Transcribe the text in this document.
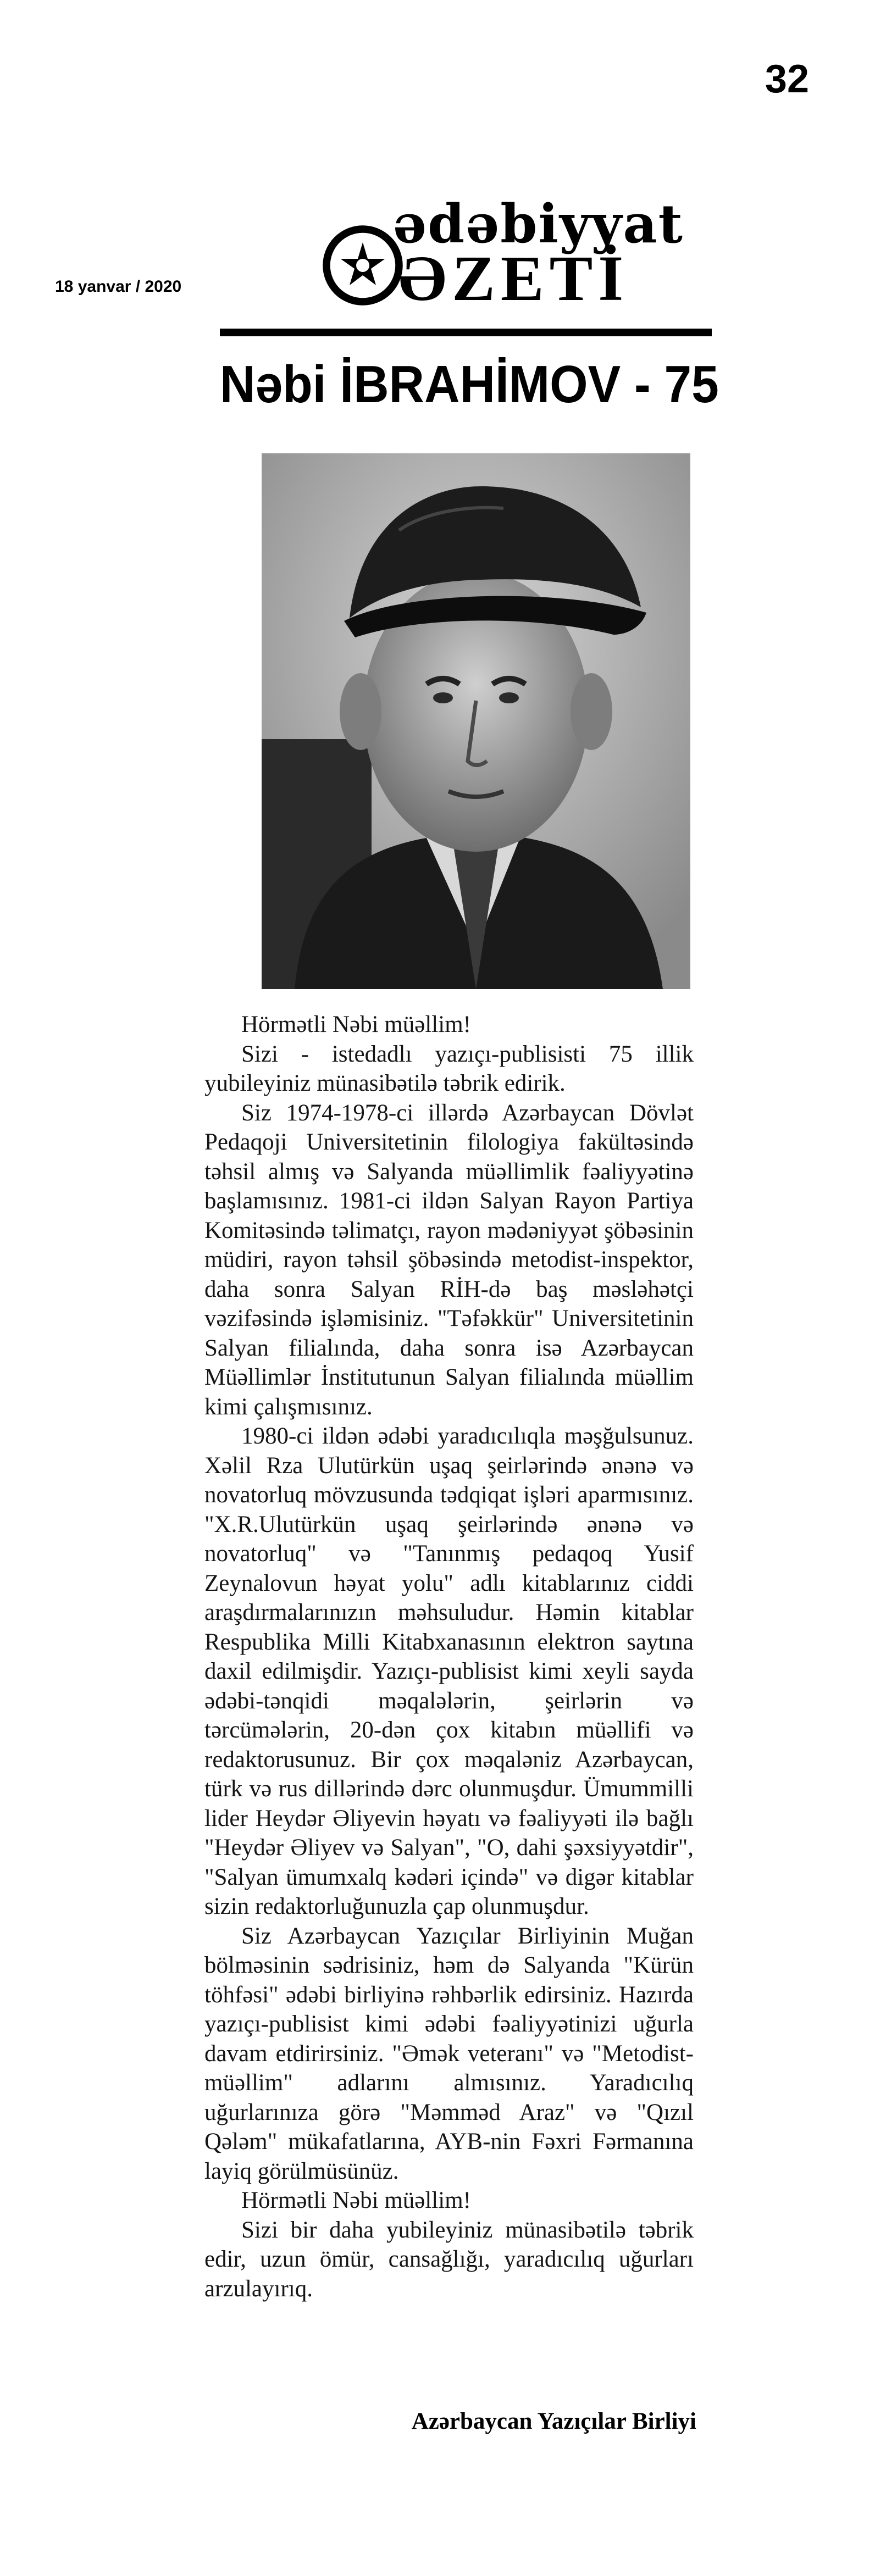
32
18 yanvar / 2020
ədəbiyyat
ƏZETİ
Nəbi İBRAHİMOV - 75

Hörmətli Nəbi müəllim!

Sizi - istedadlı yazıçı-publisisti 75 illik yubileyiniz münasibətilə təbrik edirik.

Siz 1974-1978-ci illərdə Azərbaycan Dövlət Pedaqoji Universitetinin filologiya fakültəsində təhsil almış və Salyanda müəllimlik fəaliyyətinə başlamısınız. 1981-ci ildən Salyan Rayon Partiya Komitəsində təlimatçı, rayon mədəniyyət şöbəsinin müdiri, rayon təhsil şöbəsində metodist-inspektor, daha sonra Salyan RİH-də baş məsləhətçi vəzifəsində işləmisiniz. "Təfəkkür" Universitetinin Salyan filialında, daha sonra isə Azərbaycan Müəllimlər İnstitutunun Salyan filialında müəllim kimi çalışmısınız.

1980-ci ildən ədəbi yaradıcılıqla məşğulsunuz. Xəlil Rza Ulutürkün uşaq şeirlərində ənənə və novatorluq mövzusunda tədqiqat işləri aparmısınız. "X.R.Ulutürkün uşaq şeirlərində ənənə və novatorluq" və "Tanınmış pedaqoq Yusif Zeynalovun həyat yolu" adlı kitablarınız ciddi araşdırmalarınızın məhsuludur. Həmin kitablar Respublika Milli Kitabxanasının elektron saytına daxil edilmişdir. Yazıçı-publisist kimi xeyli sayda ədəbi-tənqidi məqalələrin, şeirlərin və tərcümələrin, 20-dən çox kitabın müəllifi və redaktorusunuz. Bir çox məqaləniz Azərbaycan, türk və rus dillərində dərc olunmuşdur. Ümummilli lider Heydər Əliyevin həyatı və fəaliyyəti ilə bağlı "Heydər Əliyev və Salyan", "O, dahi şəxsiyyətdir", "Salyan ümumxalq kədəri içində" və digər kitablar sizin redaktorluğunuzla çap olunmuşdur.

Siz Azərbaycan Yazıçılar Birliyinin Muğan bölməsinin sədrisiniz, həm də Salyanda "Kürün töhfəsi" ədəbi birliyinə rəhbərlik edirsiniz. Hazırda yazıçı-publisist kimi ədəbi fəaliyyətinizi uğurla davam etdirirsiniz. "Əmək veteranı" və "Metodist-müəllim" adlarını almısınız. Yaradıcılıq uğurlarınıza görə "Məmməd Araz" və "Qızıl Qələm" mükafatlarına, AYB-nin Fəxri Fərmanına layiq görülmüsünüz.

Hörmətli Nəbi müəllim!

Sizi bir daha yubileyiniz münasibətilə təbrik edir, uzun ömür, cansağlığı, yaradıcılıq uğurları arzulayırıq.

Azərbaycan Yazıçılar Birliyi
